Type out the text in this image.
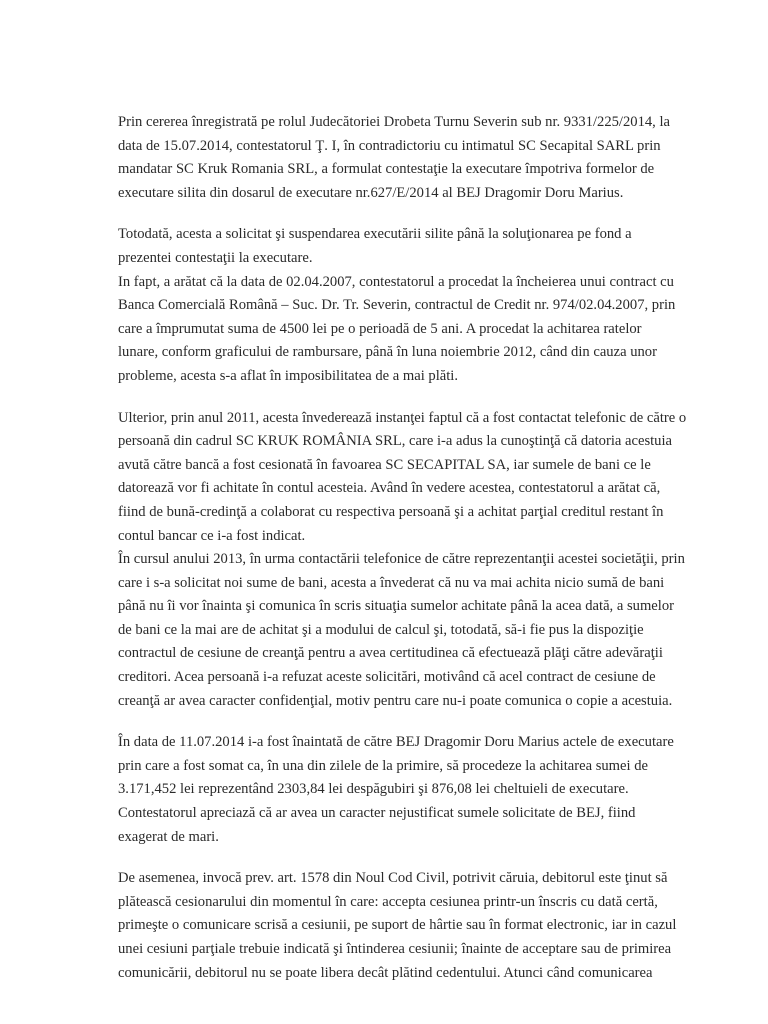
Prin cererea înregistrată pe rolul Judecătoriei Drobeta Turnu Severin sub nr. 9331/225/2014, la
data de 15.07.2014, contestatorul Ţ. I, în contradictoriu cu intimatul SC Secapital SARL prin
mandatar SC Kruk Romania SRL, a formulat contestaţie la executare împotriva formelor de
executare silita din dosarul de executare nr.627/E/2014 al BEJ Dragomir Doru Marius.
Totodată, acesta a solicitat şi suspendarea executării silite până la soluţionarea pe fond a
prezentei contestaţii la executare.
In fapt, a arătat că la data de 02.04.2007, contestatorul a procedat la încheierea unui contract cu
Banca Comercială Română – Suc. Dr. Tr. Severin, contractul de Credit nr. 974/02.04.2007, prin
care a împrumutat suma de 4500 lei pe o perioadă de 5 ani. A procedat la achitarea ratelor
lunare, conform graficului de rambursare, până în luna noiembrie 2012, când din cauza unor
probleme, acesta s-a aflat în imposibilitatea de a mai plăti.
Ulterior, prin anul 2011, acesta învederează instanţei faptul că a fost contactat telefonic de către o
persoană din cadrul SC KRUK ROMÂNIA SRL, care i-a adus la cunoştinţă că datoria acestuia
avută către bancă a fost cesionată în favoarea SC SECAPITAL SA, iar sumele de bani ce le
datorează vor fi achitate în contul acesteia. Având în vedere acestea, contestatorul a arătat că,
fiind de bună-credinţă a colaborat cu respectiva persoană şi a achitat parţial creditul restant în
contul bancar ce i-a fost indicat.
În cursul anului 2013, în urma contactării telefonice de către reprezentanţii acestei societăţii, prin
care i s-a solicitat noi sume de bani, acesta a învederat că nu va mai achita nicio sumă de bani
până nu îi vor înainta şi comunica în scris situaţia sumelor achitate până la acea dată, a sumelor
de bani ce la mai are de achitat şi a modului de calcul şi, totodată, să-i fie pus la dispoziţie
contractul de cesiune de creanţă pentru a avea certitudinea că efectuează plăţi către adevăraţii
creditori. Acea persoană i-a refuzat aceste solicitări, motivând că acel contract de cesiune de
creanţă ar avea caracter confidenţial, motiv pentru care nu-i poate comunica o copie a acestuia.
În data de 11.07.2014 i-a fost înaintată de către BEJ Dragomir Doru Marius actele de executare
prin care a fost somat ca, în una din zilele de la primire, să procedeze la achitarea sumei de
3.171,452 lei reprezentând 2303,84 lei despăgubiri şi 876,08 lei cheltuieli de executare.
Contestatorul apreciază că ar avea un caracter nejustificat sumele solicitate de BEJ, fiind
exagerat de mari.
De asemenea, invocă prev. art. 1578 din Noul Cod Civil, potrivit căruia, debitorul este ţinut să
plătească cesionarului din momentul în care: accepta cesiunea printr-un înscris cu dată certă,
primeşte o comunicare scrisă a cesiunii, pe suport de hârtie sau în format electronic, iar in cazul
unei cesiuni parţiale trebuie indicată şi întinderea cesiunii; înainte de acceptare sau de primirea
comunicării, debitorul nu se poate libera decât plătind cedentului. Atunci când comunicarea
